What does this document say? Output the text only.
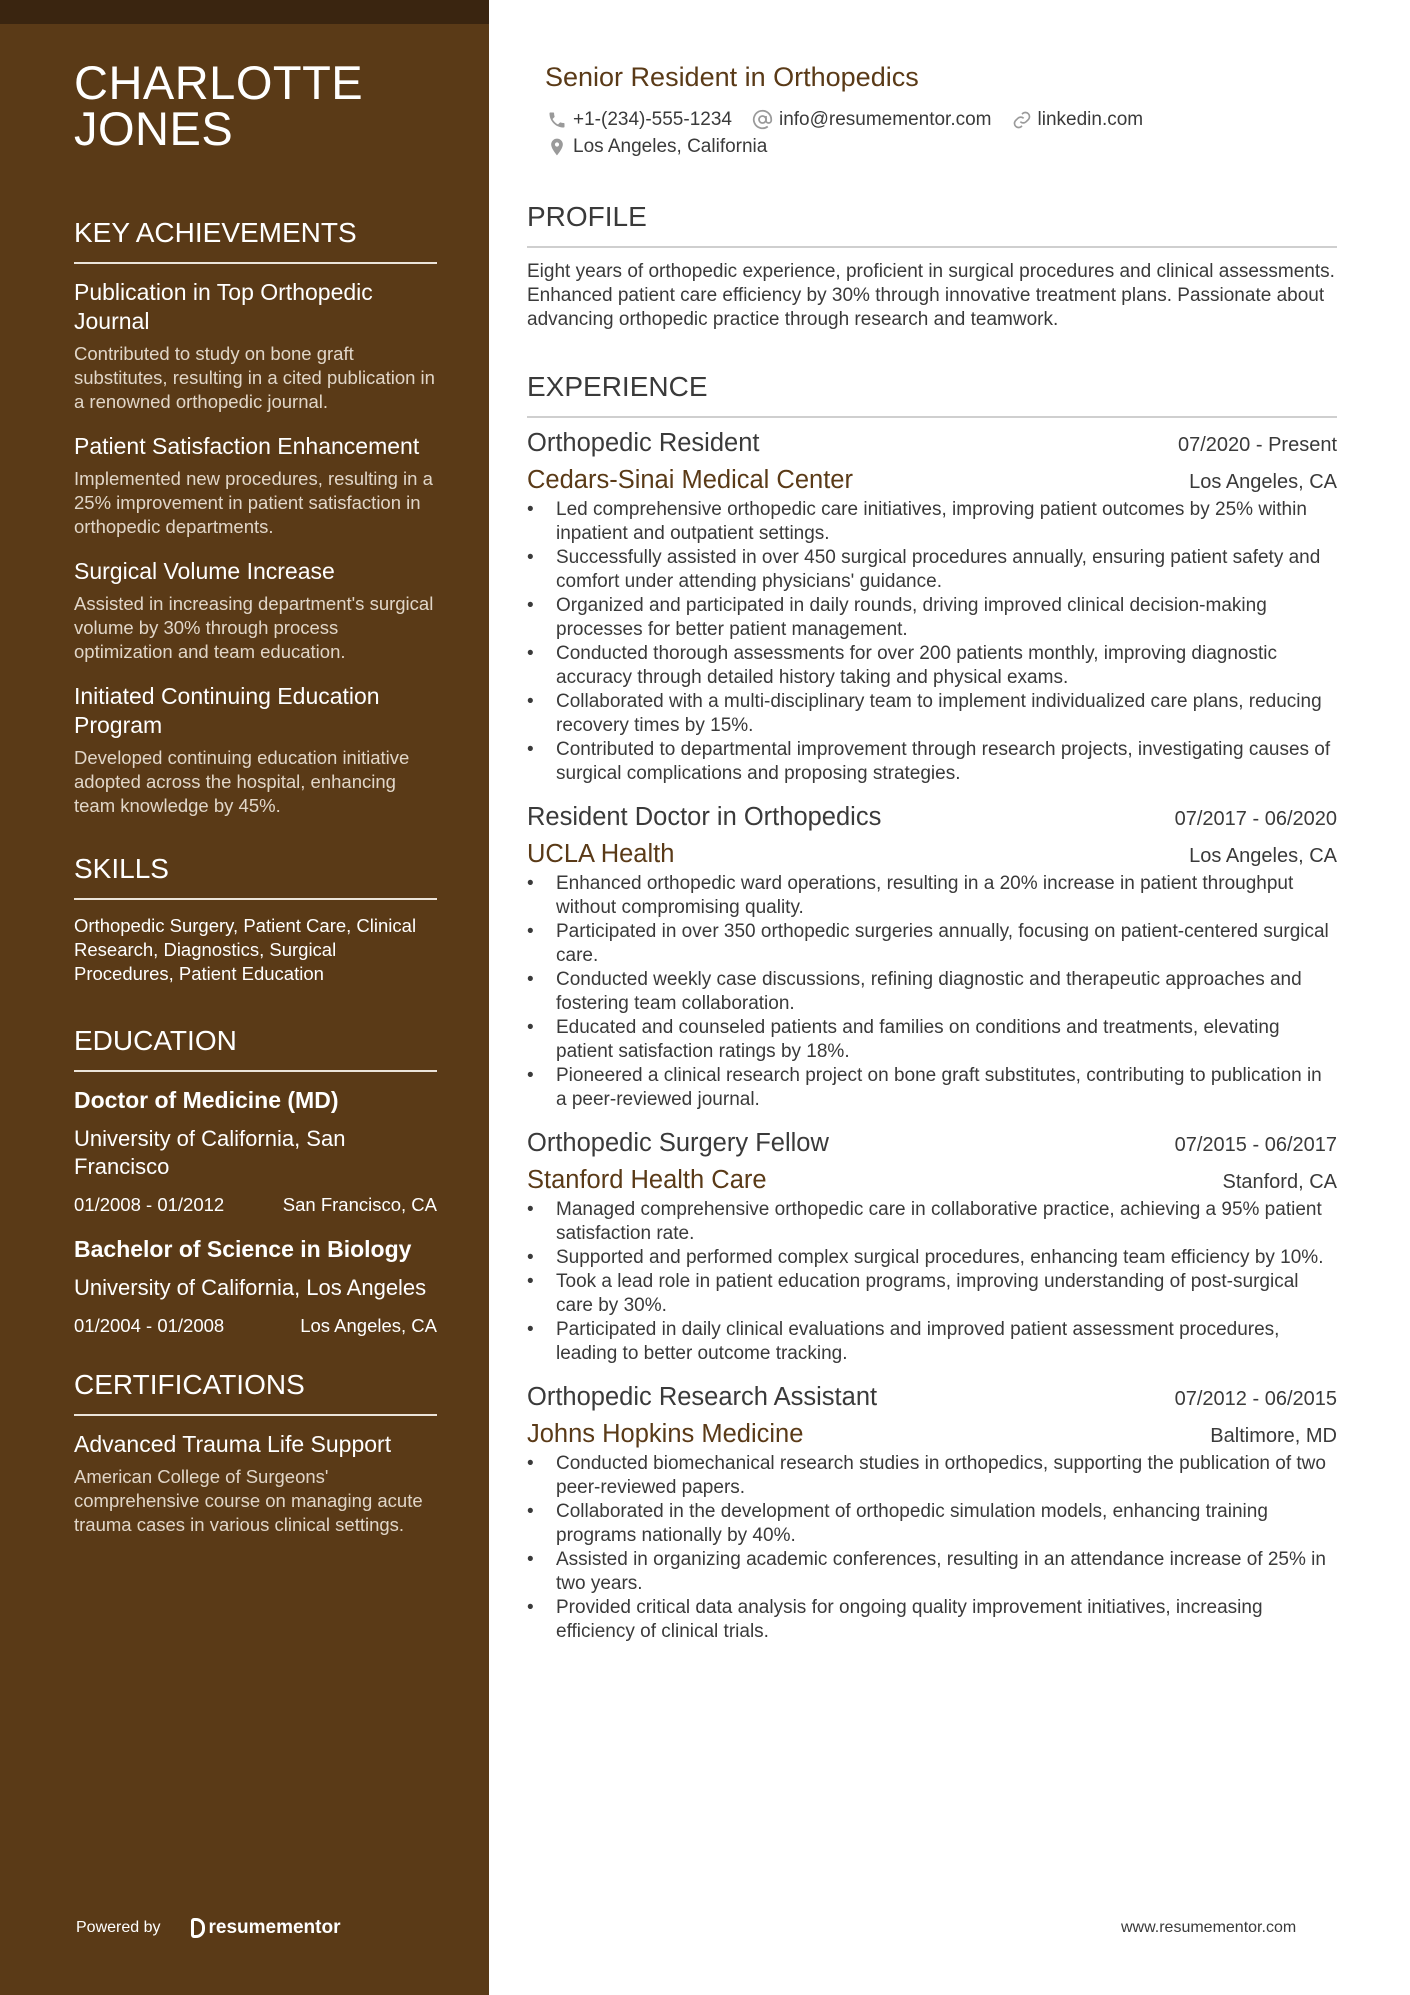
CHARLOTTE
JONES
KEY ACHIEVEMENTS
Publication in Top Orthopedic Journal
Contributed to study on bone graft substitutes, resulting in a cited publication in a renowned orthopedic journal.
Patient Satisfaction Enhancement
Implemented new procedures, resulting in a 25% improvement in patient satisfaction in orthopedic departments.
Surgical Volume Increase
Assisted in increasing department's surgical volume by 30% through process optimization and team education.
Initiated Continuing Education Program
Developed continuing education initiative adopted across the hospital, enhancing team knowledge by 45%.
SKILLS
Orthopedic Surgery, Patient Care, Clinical Research, Diagnostics, Surgical Procedures, Patient Education
EDUCATION
Doctor of Medicine (MD)
University of California, San Francisco
01/2008 - 01/2012	San Francisco, CA
Bachelor of Science in Biology
University of California, Los Angeles
01/2004 - 01/2008	Los Angeles, CA
CERTIFICATIONS
Advanced Trauma Life Support
American College of Surgeons' comprehensive course on managing acute trauma cases in various clinical settings.
Powered by	resumementor
Senior Resident in Orthopedics
+1-(234)-555-1234 info@resumementor.com linkedin.com
Los Angeles, California
PROFILE
Eight years of orthopedic experience, proficient in surgical procedures and clinical assessments. Enhanced patient care efficiency by 30% through innovative treatment plans. Passionate about advancing orthopedic practice through research and teamwork.
EXPERIENCE
Orthopedic Resident	07/2020 - Present
Cedars-Sinai Medical Center	Los Angeles, CA
• Led comprehensive orthopedic care initiatives, improving patient outcomes by 25% within inpatient and outpatient settings.
• Successfully assisted in over 450 surgical procedures annually, ensuring patient safety and comfort under attending physicians' guidance.
• Organized and participated in daily rounds, driving improved clinical decision-making processes for better patient management.
• Conducted thorough assessments for over 200 patients monthly, improving diagnostic accuracy through detailed history taking and physical exams.
• Collaborated with a multi-disciplinary team to implement individualized care plans, reducing recovery times by 15%.
• Contributed to departmental improvement through research projects, investigating causes of surgical complications and proposing strategies.
Resident Doctor in Orthopedics	07/2017 - 06/2020
UCLA Health	Los Angeles, CA
• Enhanced orthopedic ward operations, resulting in a 20% increase in patient throughput without compromising quality.
• Participated in over 350 orthopedic surgeries annually, focusing on patient-centered surgical care.
• Conducted weekly case discussions, refining diagnostic and therapeutic approaches and fostering team collaboration.
• Educated and counseled patients and families on conditions and treatments, elevating patient satisfaction ratings by 18%.
• Pioneered a clinical research project on bone graft substitutes, contributing to publication in a peer-reviewed journal.
Orthopedic Surgery Fellow	07/2015 - 06/2017
Stanford Health Care	Stanford, CA
• Managed comprehensive orthopedic care in collaborative practice, achieving a 95% patient satisfaction rate.
• Supported and performed complex surgical procedures, enhancing team efficiency by 10%.
• Took a lead role in patient education programs, improving understanding of post-surgical care by 30%.
• Participated in daily clinical evaluations and improved patient assessment procedures, leading to better outcome tracking.
Orthopedic Research Assistant	07/2012 - 06/2015
Johns Hopkins Medicine	Baltimore, MD
• Conducted biomechanical research studies in orthopedics, supporting the publication of two peer-reviewed papers.
• Collaborated in the development of orthopedic simulation models, enhancing training programs nationally by 40%.
• Assisted in organizing academic conferences, resulting in an attendance increase of 25% in two years.
• Provided critical data analysis for ongoing quality improvement initiatives, increasing efficiency of clinical trials.
www.resumementor.com
